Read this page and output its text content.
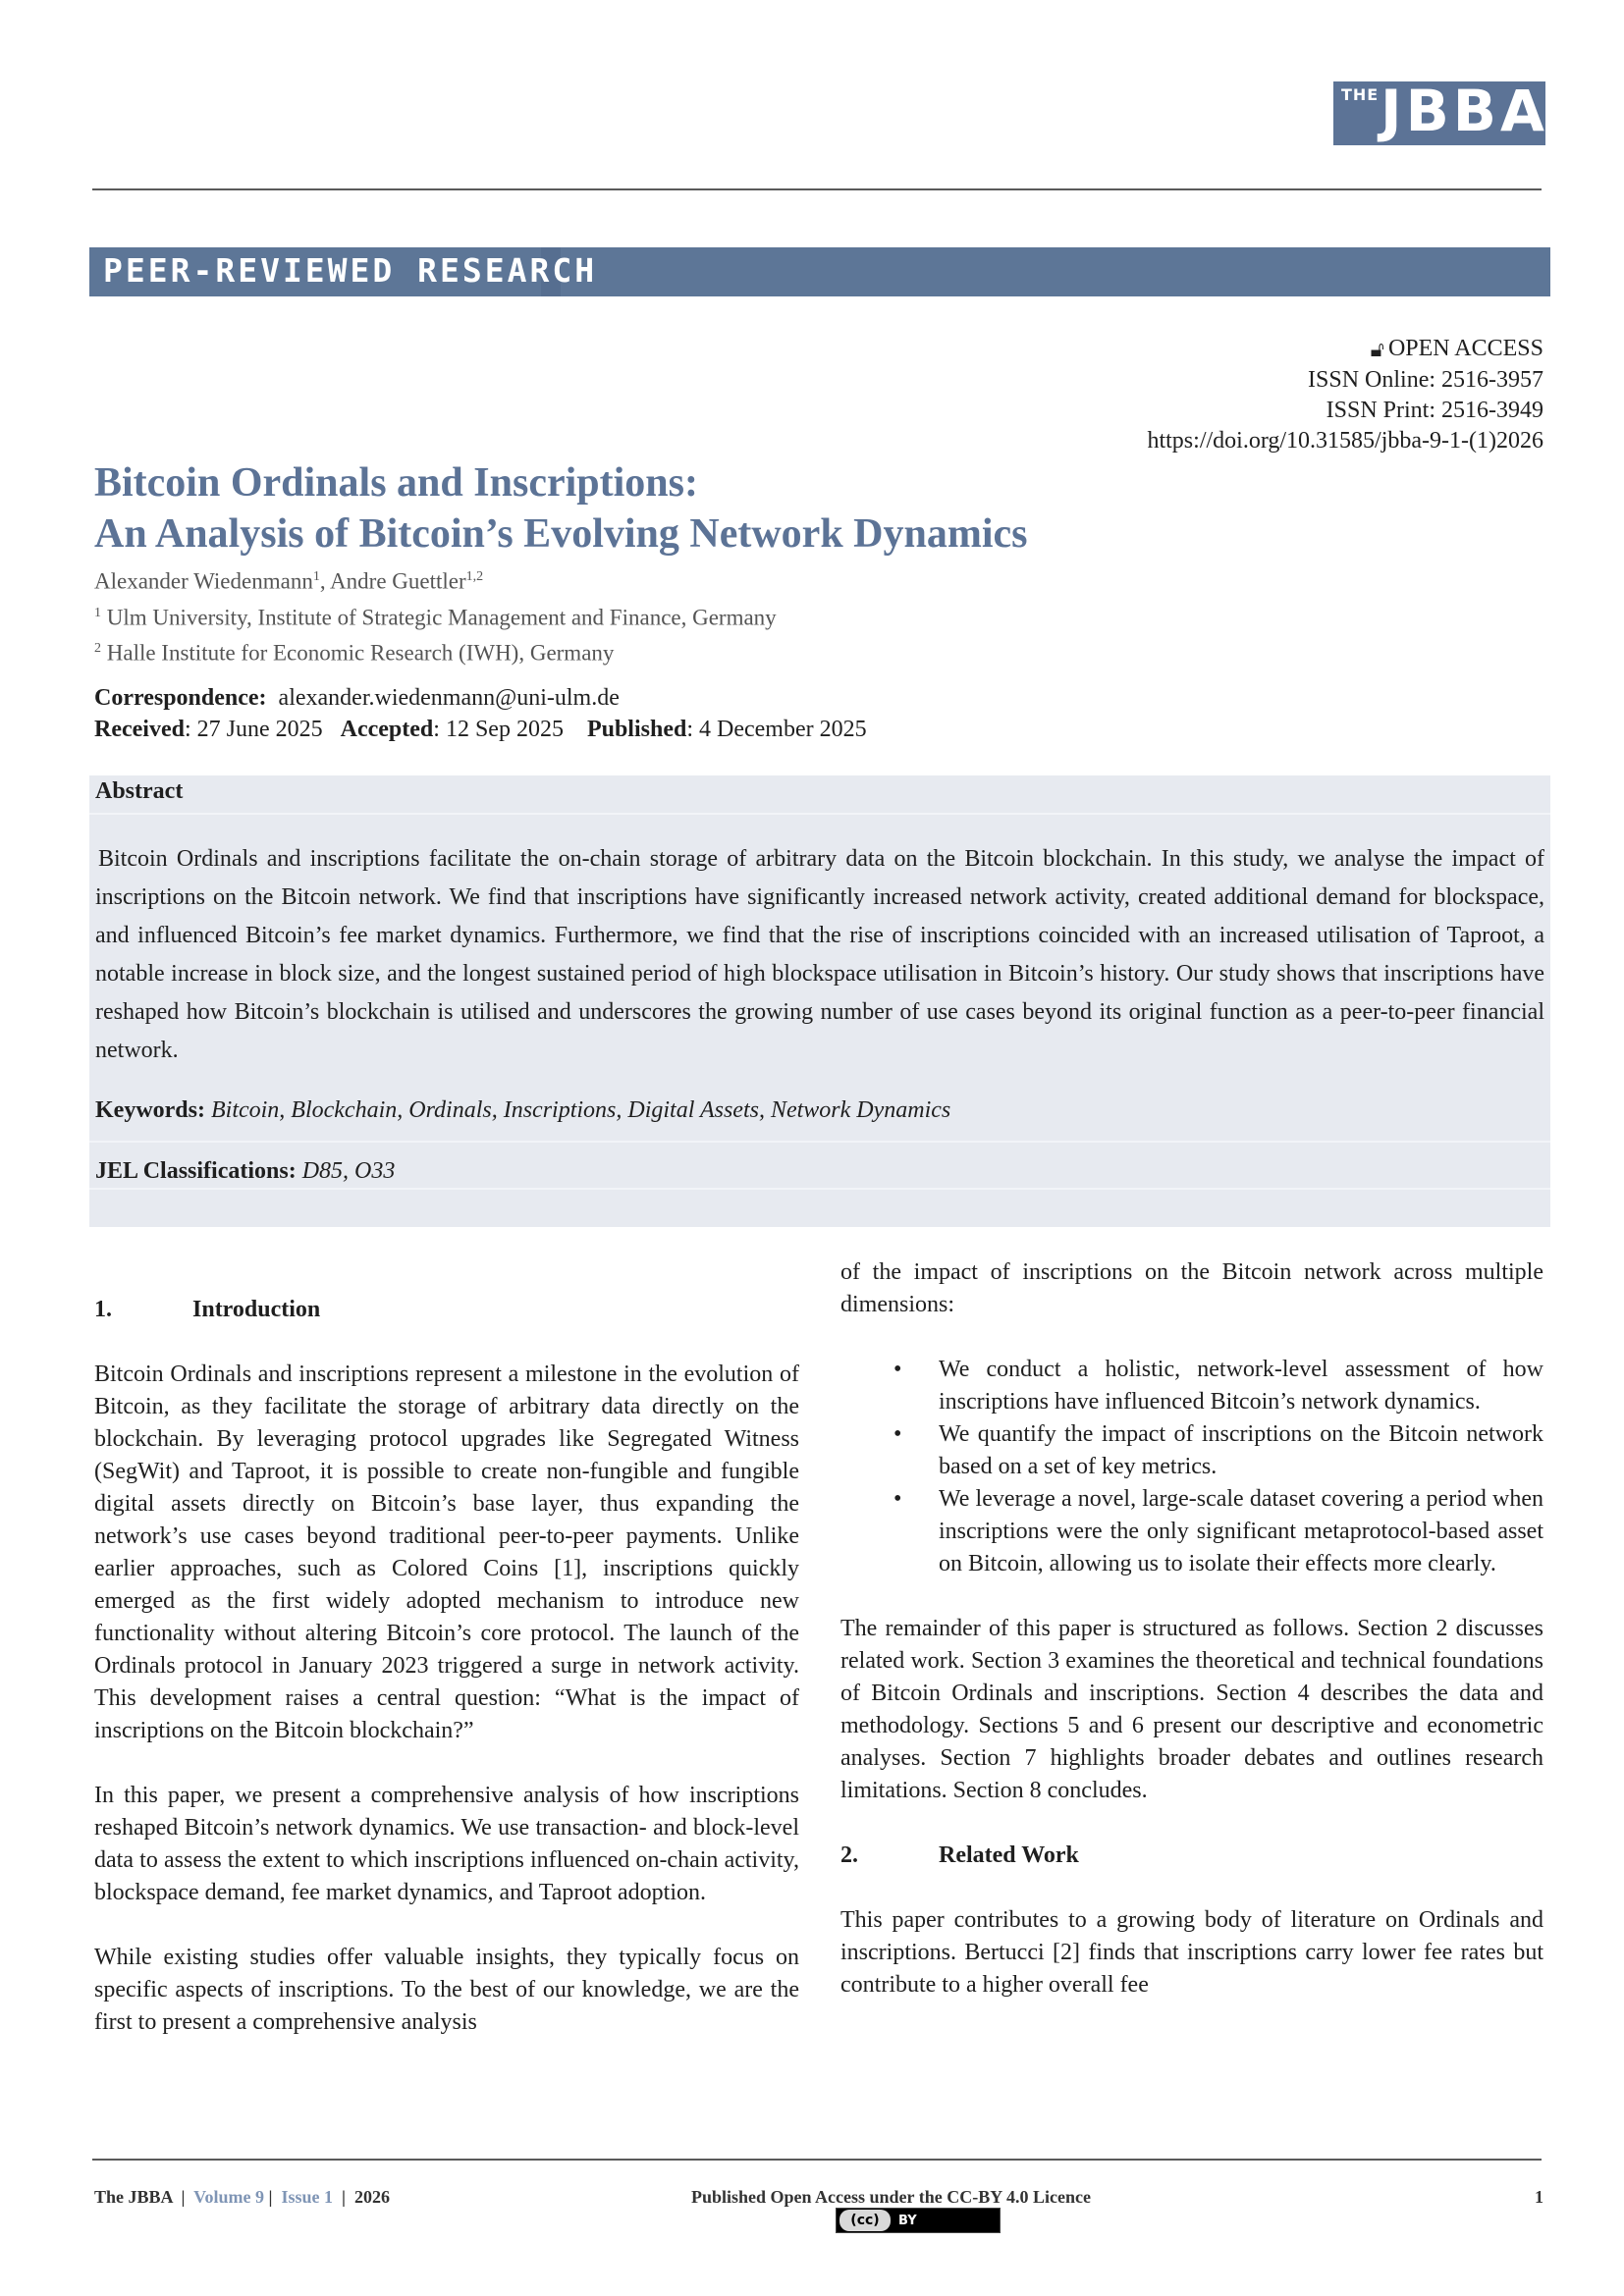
THE JBBA
PEER-REVIEWED RESEARCH
🔓︎ OPEN ACCESS
ISSN Online: 2516-3957
ISSN Print: 2516-3949
https://doi.org/10.31585/jbba-9-1-(1)2026
Bitcoin Ordinals and Inscriptions:
An Analysis of Bitcoin’s Evolving Network Dynamics
Alexander Wiedenmann$^1$, Andre Guettler$^{1,2}$
$^1$ Ulm University, Institute of Strategic Management and Finance, Germany
$^2$ Halle Institute for Economic Research (IWH), Germany
Correspondence:  alexander.wiedenmann@uni-ulm.de
Received: 27 June 2025   Accepted: 12 Sep 2025    Published: 4 December 2025
Abstract
Bitcoin Ordinals and inscriptions facilitate the on-chain storage of arbitrary data on the Bitcoin blockchain. In this study, we analyse the impact of inscriptions on the Bitcoin network. We find that inscriptions have significantly increased network activity, created additional demand for blockspace, and influenced Bitcoin’s fee market dynamics. Furthermore, we find that the rise of inscriptions coincided with an increased utilisation of Taproot, a notable increase in block size, and the longest sustained period of high blockspace utilisation in Bitcoin’s history. Our study shows that inscriptions have reshaped how Bitcoin’s blockchain is utilised and underscores the growing number of use cases beyond its original function as a peer-to-peer financial network.
Keywords: Bitcoin, Blockchain, Ordinals, Inscriptions, Digital Assets, Network Dynamics
JEL Classifications: D85, O33
1.	Introduction

Bitcoin Ordinals and inscriptions represent a milestone in the evolution of Bitcoin, as they facilitate the storage of arbitrary data directly on the blockchain. By leveraging protocol upgrades like Segregated Witness (SegWit) and Taproot, it is possible to create non-fungible and fungible digital assets directly on Bitcoin’s base layer, thus expanding the network’s use cases beyond traditional peer-to-peer payments. Unlike earlier approaches, such as Colored Coins [1], inscriptions quickly emerged as the first widely adopted mechanism to introduce new functionality without altering Bitcoin’s core protocol. The launch of the Ordinals protocol in January 2023 triggered a surge in network activity. This development raises a central question: “What is the impact of inscriptions on the Bitcoin blockchain?”

In this paper, we present a comprehensive analysis of how inscriptions reshaped Bitcoin’s network dynamics. We use transaction- and block-level data to assess the extent to which inscriptions influenced on-chain activity, blockspace demand, fee market dynamics, and Taproot adoption.

While existing studies offer valuable insights, they typically focus on specific aspects of inscriptions. To the best of our knowledge, we are the first to present a comprehensive analysis

of the impact of inscriptions on the Bitcoin network across multiple dimensions:

• We conduct a holistic, network-level assessment of how inscriptions have influenced Bitcoin’s network dynamics.
• We quantify the impact of inscriptions on the Bitcoin network based on a set of key metrics.
• We leverage a novel, large-scale dataset covering a period when inscriptions were the only significant metaprotocol-based asset on Bitcoin, allowing us to isolate their effects more clearly.

The remainder of this paper is structured as follows. Section 2 discusses related work. Section 3 examines the theoretical and technical foundations of Bitcoin Ordinals and inscriptions. Section 4 describes the data and methodology. Sections 5 and 6 present our descriptive and econometric analyses. Section 7 highlights broader debates and outlines research limitations. Section 8 concludes.

2.	Related Work

This paper contributes to a growing body of literature on Ordinals and inscriptions. Bertucci [2] finds that inscriptions carry lower fee rates but contribute to a higher overall fee

The JBBA  |  Volume 9 |  Issue 1  |  2026	Published Open Access under the CC-BY 4.0 Licence	1
(cc)	BY
